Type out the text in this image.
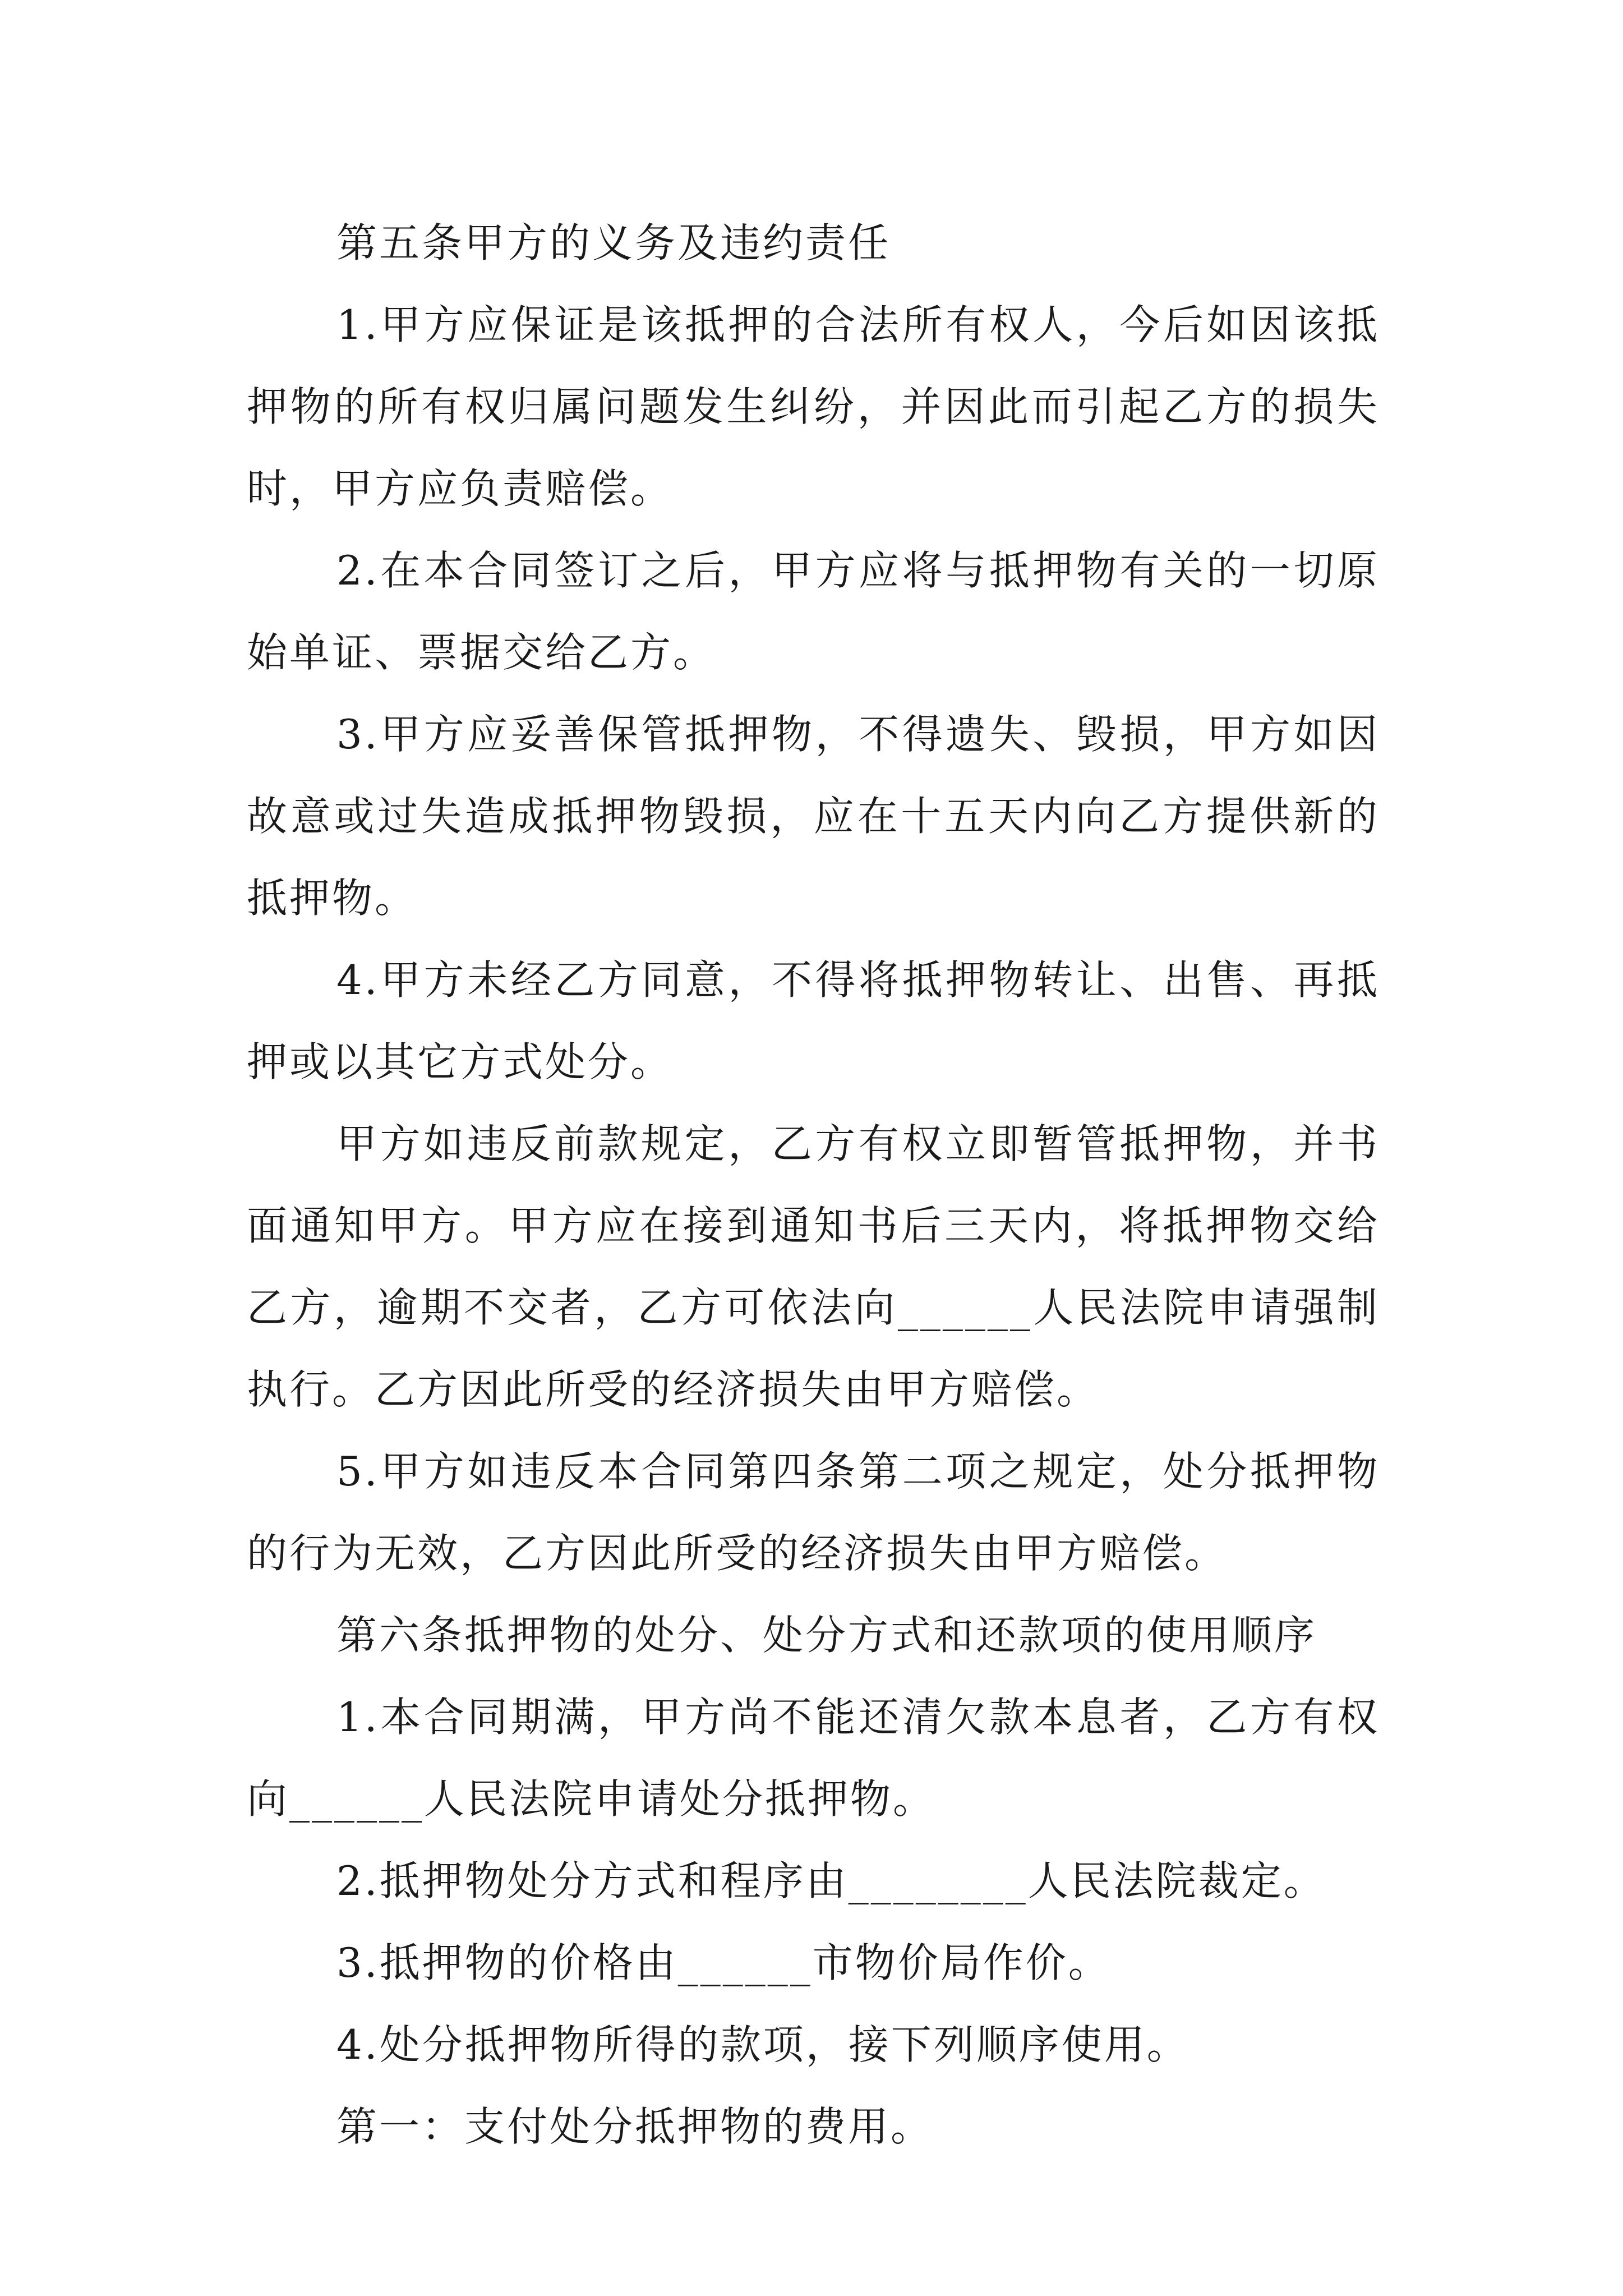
第五条甲方的义务及违约责任

1.甲方应保证是该抵押的合法所有权人，今后如因该抵押物的所有权归属问题发生纠纷，并因此而引起乙方的损失时，甲方应负责赔偿。

2.在本合同签订之后，甲方应将与抵押物有关的一切原始单证、票据交给乙方。

3.甲方应妥善保管抵押物，不得遗失、毁损，甲方如因故意或过失造成抵押物毁损，应在十五天内向乙方提供新的抵押物。

4.甲方未经乙方同意，不得将抵押物转让、出售、再抵押或以其它方式处分。

甲方如违反前款规定，乙方有权立即暂管抵押物，并书面通知甲方。甲方应在接到通知书后三天内，将抵押物交给乙方，逾期不交者，乙方可依法向______人民法院申请强制执行。乙方因此所受的经济损失由甲方赔偿。

5.甲方如违反本合同第四条第二项之规定，处分抵押物的行为无效，乙方因此所受的经济损失由甲方赔偿。

第六条抵押物的处分、处分方式和还款项的使用顺序

1.本合同期满，甲方尚不能还清欠款本息者，乙方有权向______人民法院申请处分抵押物。

2.抵押物处分方式和程序由________人民法院裁定。

3.抵押物的价格由______市物价局作价。

4.处分抵押物所得的款项，接下列顺序使用。

第一：支付处分抵押物的费用。
